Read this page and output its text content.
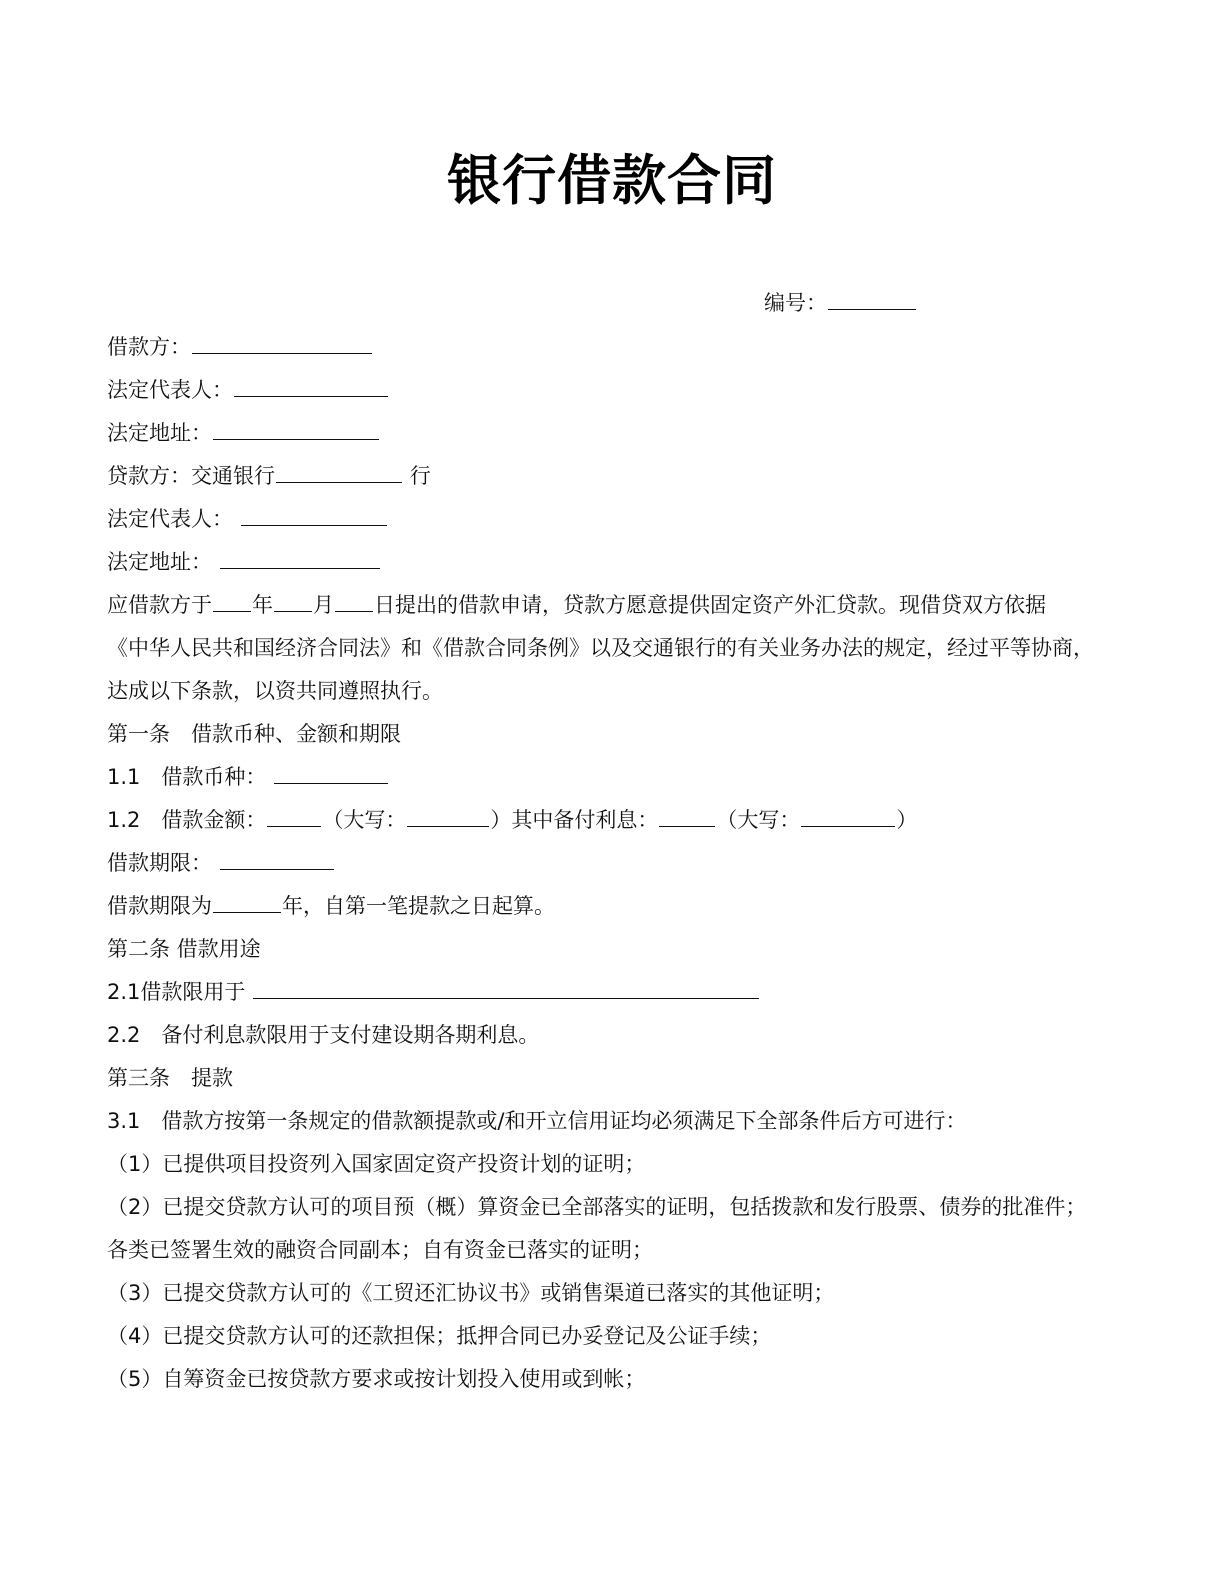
银行借款合同
编号：
借款方：
法定代表人：
法定地址：
贷款方：交通银行	行
法定代表人：
法定地址：
应借款方于 年 月 日提出的借款申请，贷款方愿意提供固定资产外汇贷款。现借贷双方依据
《中华人民共和国经济合同法》和《借款合同条例》以及交通银行的有关业务办法的规定，经过平等协商，
达成以下条款，以资共同遵照执行。
第一条　借款币种、金额和期限
1.1　借款币种：
1.2　借款金额：	（大写：	）其中备付利息：	（大写：	）
借款期限：
借款期限为	年，自第一笔提款之日起算。
第二条 借款用途
2.1借款限用于
2.2　备付利息款限用于支付建设期各期利息。
第三条　提款
3.1　借款方按第一条规定的借款额提款或/和开立信用证均必须满足下全部条件后方可进行：
（1）已提供项目投资列入国家固定资产投资计划的证明；
（2）已提交贷款方认可的项目预（概）算资金已全部落实的证明，包括拨款和发行股票、债券的批准件；
各类已签署生效的融资合同副本；自有资金已落实的证明；
（3）已提交贷款方认可的《工贸还汇协议书》或销售渠道已落实的其他证明；
（4）已提交贷款方认可的还款担保；抵押合同已办妥登记及公证手续；
（5）自筹资金已按贷款方要求或按计划投入使用或到帐；
